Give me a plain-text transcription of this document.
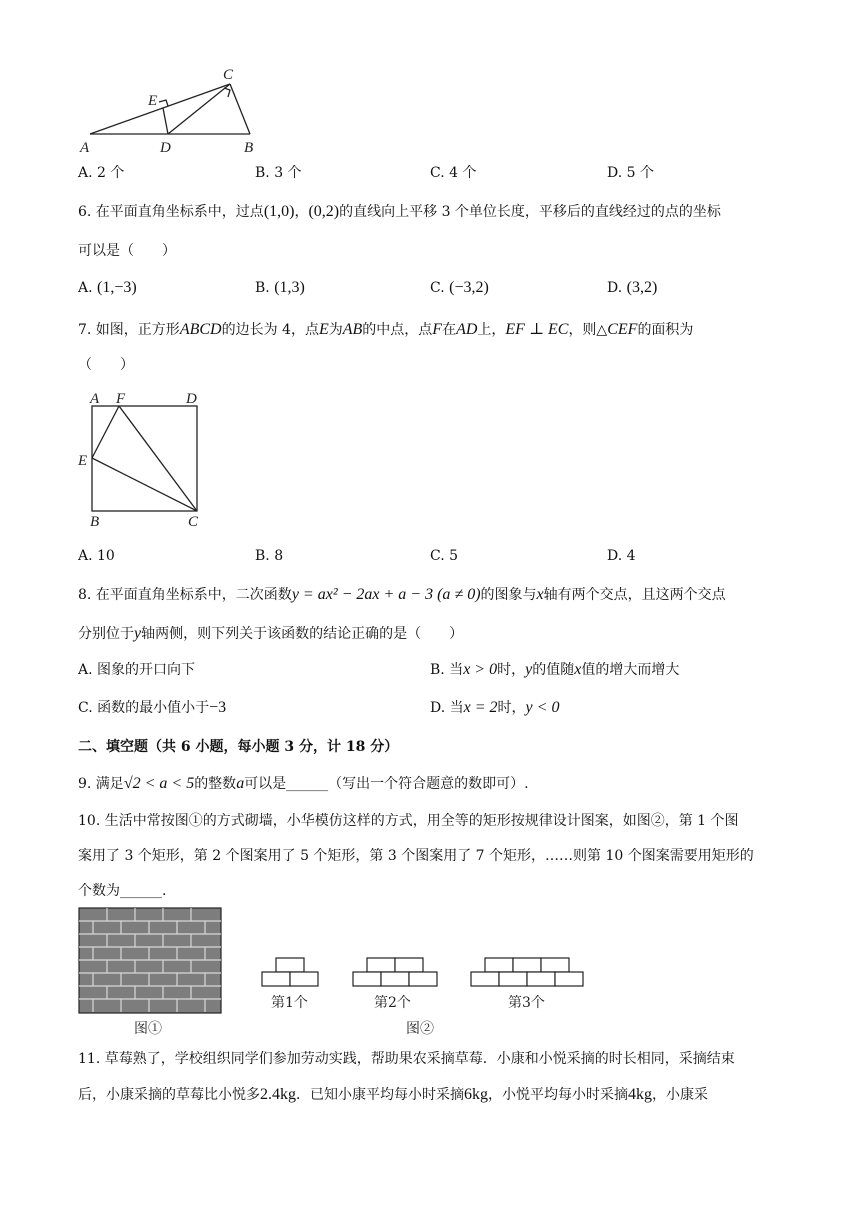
C
E
A	D	B
A. 2 个	B. 3 个	C. 4 个	D. 5 个
6. 在平面直角坐标系中，过点(1,0)，(0,2)的直线向上平移 3 个单位长度，平移后的直线经过的点的坐标
可以是（　　）
A. (1,−3)	B. (1,3)	C. (−3,2)	D. (3,2)
7. 如图，正方形ABCD的边长为 4，点E为AB的中点，点F在AD上，EF ⊥ EC，则△CEF的面积为
（　　）
A F	D
E
B	C
A. 10	B. 8	C. 5	D. 4
8. 在平面直角坐标系中，二次函数y = ax² − 2ax + a − 3 (a ≠ 0)的图象与x轴有两个交点，且这两个交点
分别位于y轴两侧，则下列关于该函数的结论正确的是（　　）
A. 图象的开口向下	B. 当x > 0时，y的值随x值的增大而增大
C. 函数的最小值小于−3	D. 当x = 2时，y < 0
二、填空题（共 6 小题，每小题 3 分，计 18 分）
9. 满足√2 < a < 5的整数a可以是______（写出一个符合题意的数即可）.
10. 生活中常按图①的方式砌墙，小华模仿这样的方式，用全等的矩形按规律设计图案，如图②，第 1 个图
案用了 3 个矩形，第 2 个图案用了 5 个矩形，第 3 个图案用了 7 个矩形，……则第 10 个图案需要用矩形的
个数为______.
图①
第1个	第2个	第3个
图②
11. 草莓熟了，学校组织同学们参加劳动实践，帮助果农采摘草莓．小康和小悦采摘的时长相同，采摘结束
后，小康采摘的草莓比小悦多2.4kg．已知小康平均每小时采摘6kg，小悦平均每小时采摘4kg，小康采
